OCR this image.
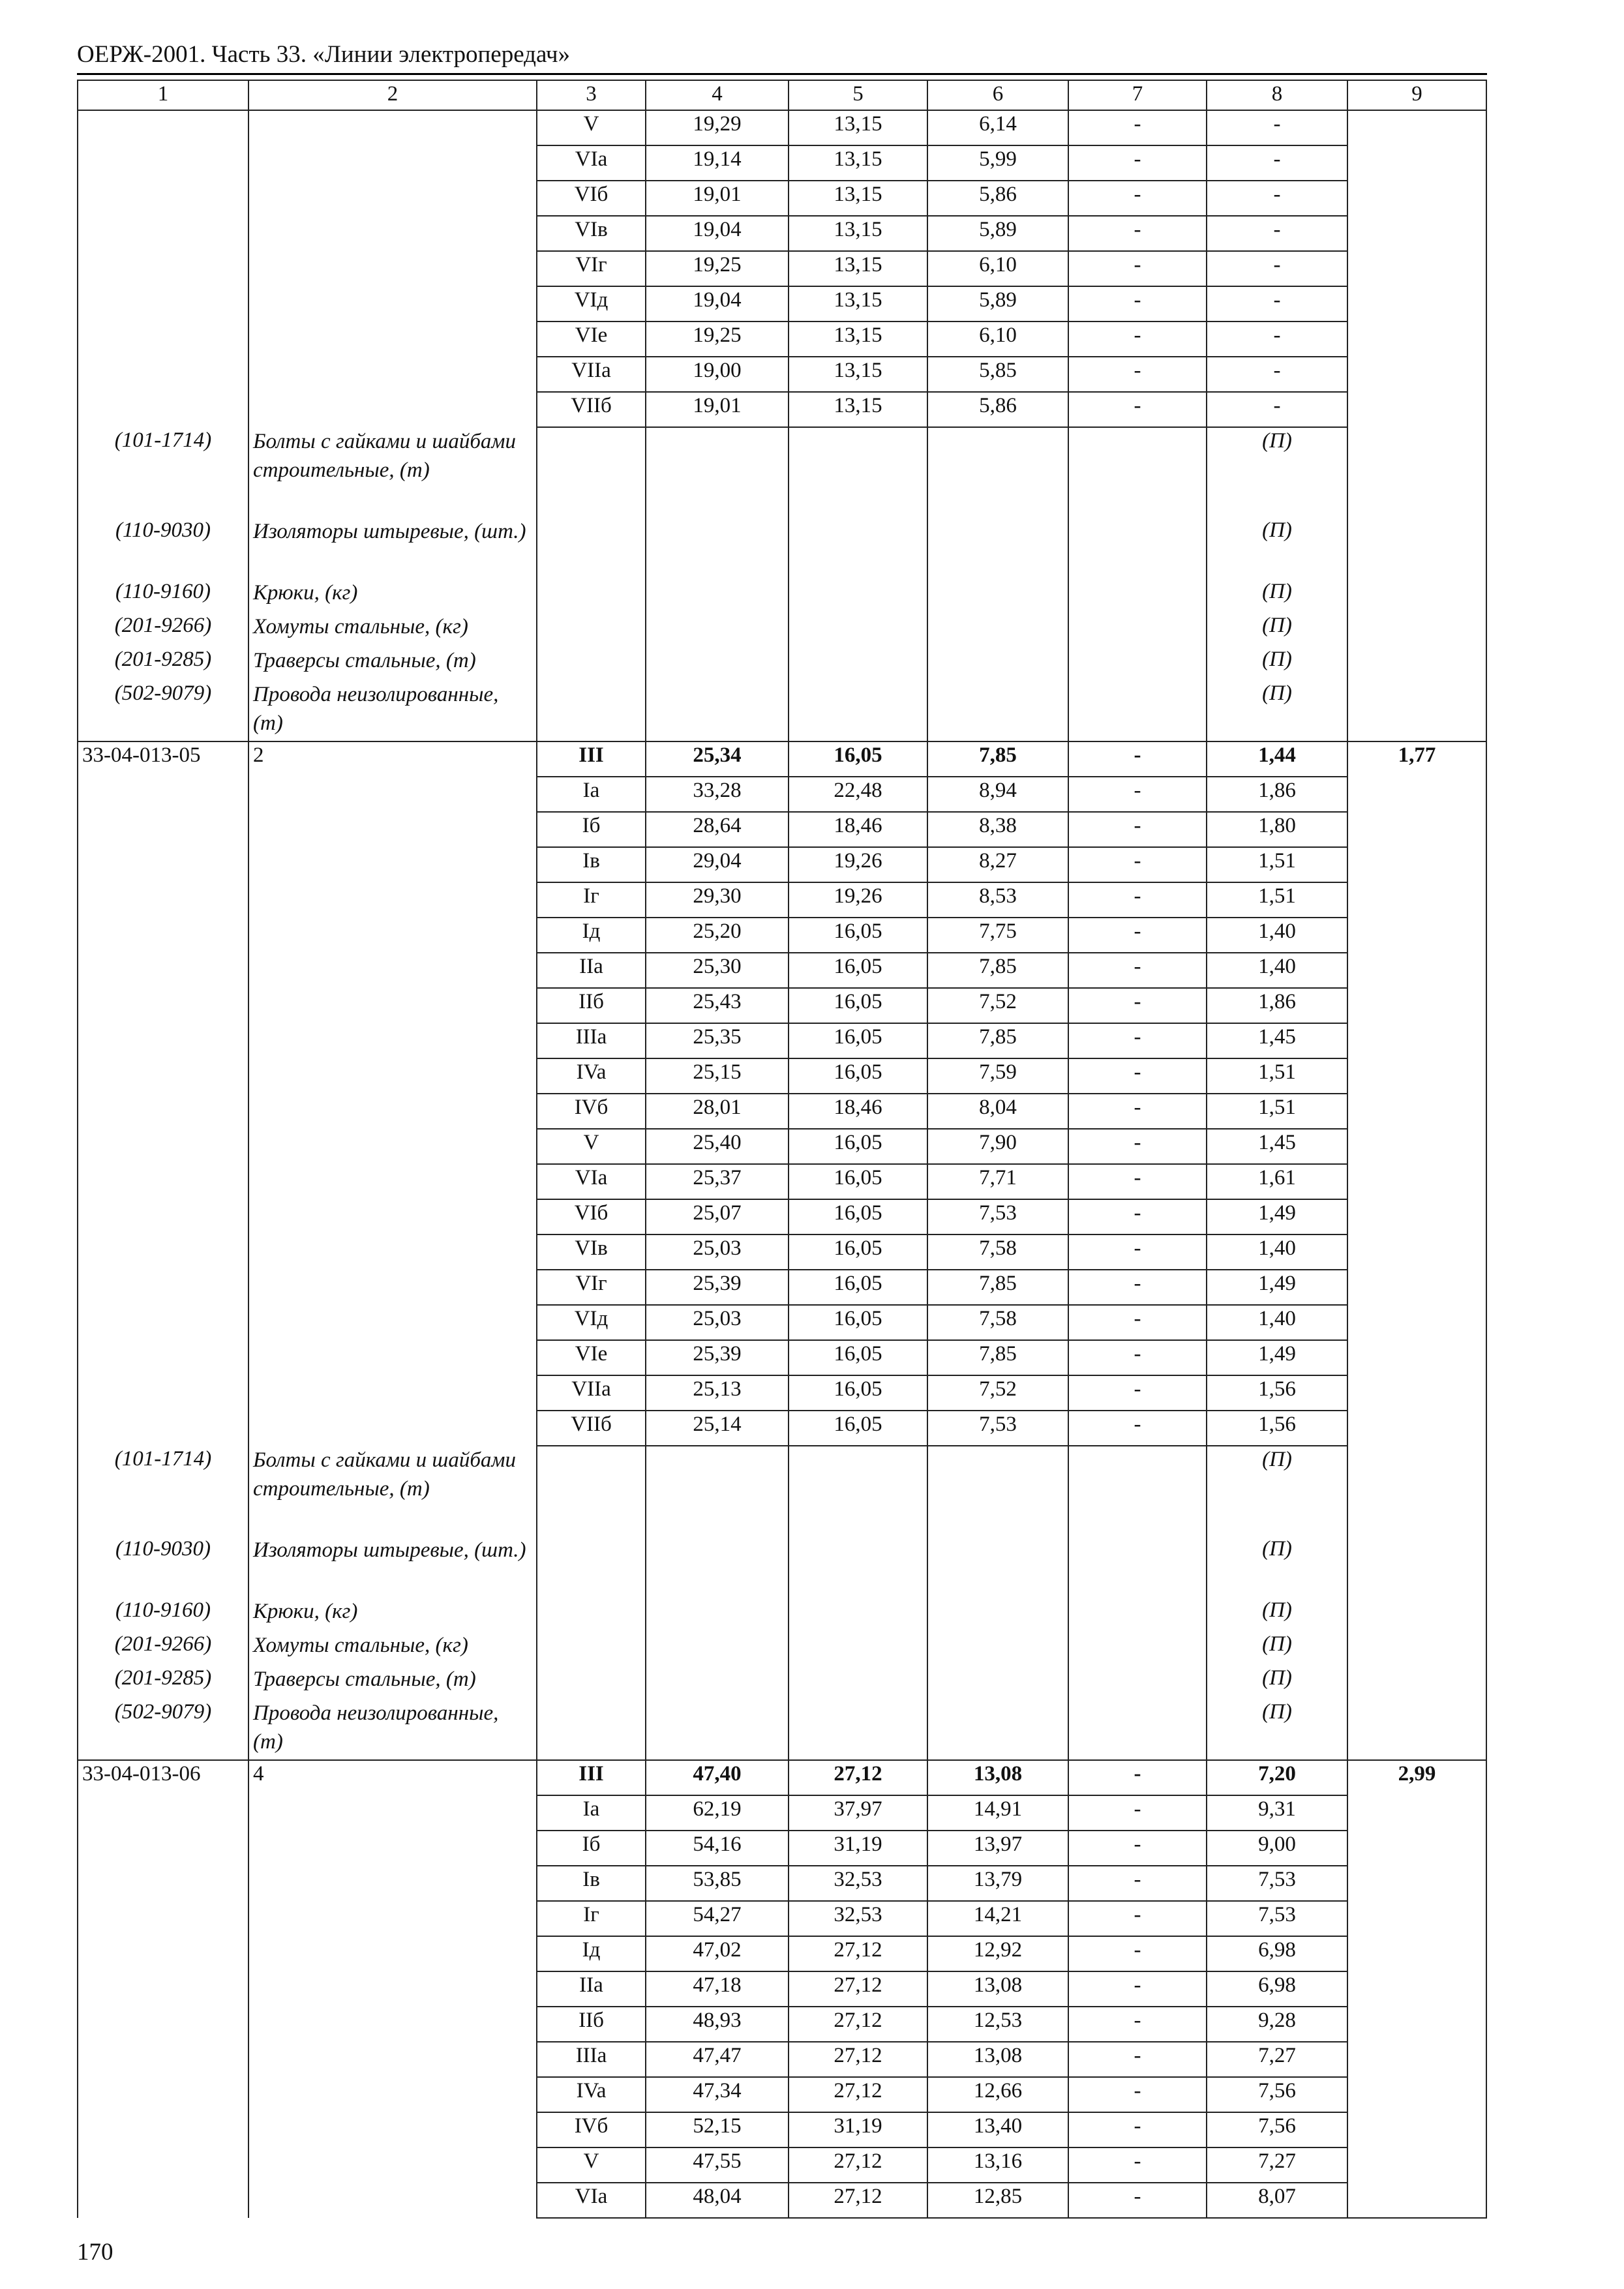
ОЕРЖ-2001. Часть 33. «Линии электропередач»
1	2	3	4	5	6	7	8	9
		V	19,29	13,15	6,14	-	-	
		VIa	19,14	13,15	5,99	-	-	
		VIб	19,01	13,15	5,86	-	-	
		VIв	19,04	13,15	5,89	-	-	
		VIг	19,25	13,15	6,10	-	-	
		VIд	19,04	13,15	5,89	-	-	
		VIe	19,25	13,15	6,10	-	-	
		VIIa	19,00	13,15	5,85	-	-	
		VIIб	19,01	13,15	5,86	-	-	
(101-1714)	Болты с гайками и шайбами строительные, (т)						(П)	
(110-9030)	Изоляторы штыревые, (шт.)						(П)	
(110-9160)	Крюки, (кг)						(П)	
(201-9266)	Хомуты стальные, (кг)						(П)	
(201-9285)	Траверсы стальные, (т)						(П)	
(502-9079)	Провода неизолированные, (т)						(П)	
33-04-013-05	2	III	25,34	16,05	7,85	-	1,44	1,77
		Ia	33,28	22,48	8,94	-	1,86	
		Iб	28,64	18,46	8,38	-	1,80	
		Iв	29,04	19,26	8,27	-	1,51	
		Iг	29,30	19,26	8,53	-	1,51	
		Iд	25,20	16,05	7,75	-	1,40	
		IIa	25,30	16,05	7,85	-	1,40	
		IIб	25,43	16,05	7,52	-	1,86	
		IIIa	25,35	16,05	7,85	-	1,45	
		IVa	25,15	16,05	7,59	-	1,51	
		IVб	28,01	18,46	8,04	-	1,51	
		V	25,40	16,05	7,90	-	1,45	
		VIa	25,37	16,05	7,71	-	1,61	
		VIб	25,07	16,05	7,53	-	1,49	
		VIв	25,03	16,05	7,58	-	1,40	
		VIг	25,39	16,05	7,85	-	1,49	
		VIд	25,03	16,05	7,58	-	1,40	
		VIe	25,39	16,05	7,85	-	1,49	
		VIIa	25,13	16,05	7,52	-	1,56	
		VIIб	25,14	16,05	7,53	-	1,56	
(101-1714)	Болты с гайками и шайбами строительные, (т)						(П)	
(110-9030)	Изоляторы штыревые, (шт.)						(П)	
(110-9160)	Крюки, (кг)						(П)	
(201-9266)	Хомуты стальные, (кг)						(П)	
(201-9285)	Траверсы стальные, (т)						(П)	
(502-9079)	Провода неизолированные, (т)						(П)	
33-04-013-06	4	III	47,40	27,12	13,08	-	7,20	2,99
		Ia	62,19	37,97	14,91	-	9,31	
		Iб	54,16	31,19	13,97	-	9,00	
		Iв	53,85	32,53	13,79	-	7,53	
		Iг	54,27	32,53	14,21	-	7,53	
		Iд	47,02	27,12	12,92	-	6,98	
		IIa	47,18	27,12	13,08	-	6,98	
		IIб	48,93	27,12	12,53	-	9,28	
		IIIa	47,47	27,12	13,08	-	7,27	
		IVa	47,34	27,12	12,66	-	7,56	
		IVб	52,15	31,19	13,40	-	7,56	
		V	47,55	27,12	13,16	-	7,27	
		VIa	48,04	27,12	12,85	-	8,07	
170
